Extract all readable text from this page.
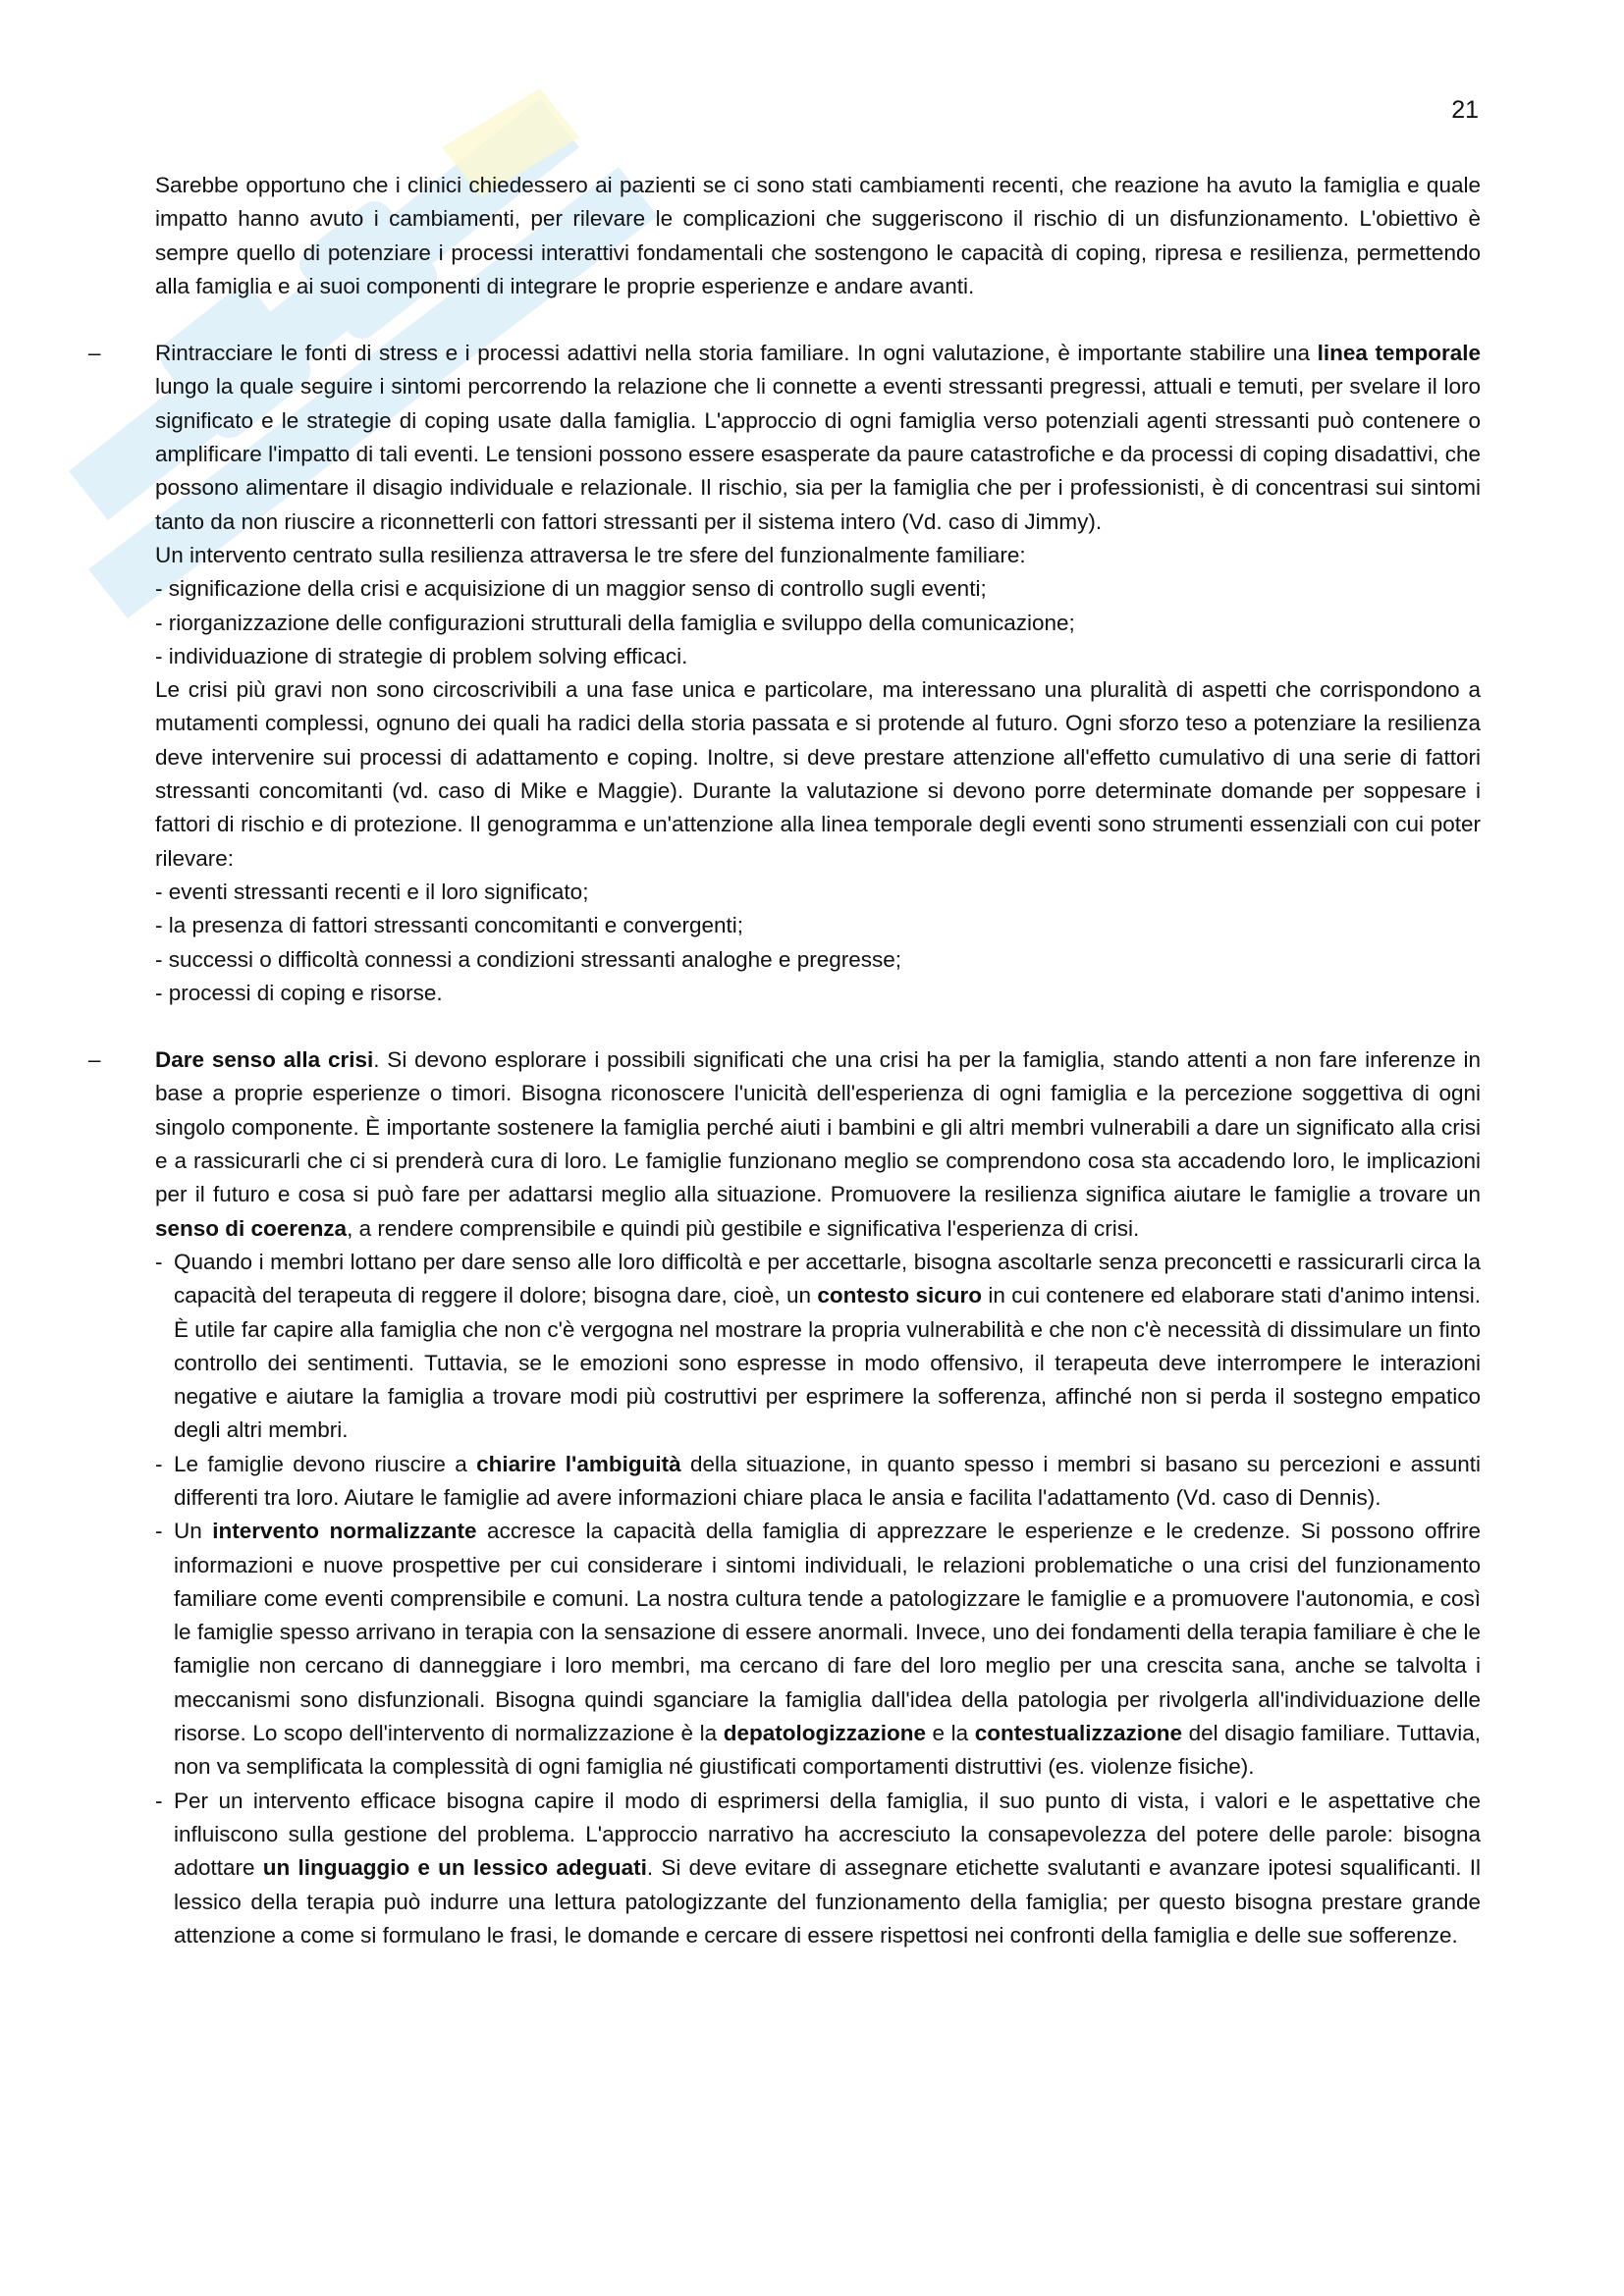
21

Sarebbe opportuno che i clinici chiedessero ai pazienti se ci sono stati cambiamenti recenti, che reazione ha avuto la famiglia e quale impatto hanno avuto i cambiamenti, per rilevare le complicazioni che suggeriscono il rischio di un disfunzionamento. L'obiettivo è sempre quello di potenziare i processi interattivi fondamentali che sostengono le capacità di coping, ripresa e resilienza, permettendo alla famiglia e ai suoi componenti di integrare le proprie esperienze e andare avanti.

– Rintracciare le fonti di stress e i processi adattivi nella storia familiare. In ogni valutazione, è importante stabilire una linea temporale lungo la quale seguire i sintomi percorrendo la relazione che li connette a eventi stressanti pregressi, attuali e temuti, per svelare il loro significato e le strategie di coping usate dalla famiglia. L'approccio di ogni famiglia verso potenziali agenti stressanti può contenere o amplificare l'impatto di tali eventi. Le tensioni possono essere esasperate da paure catastrofiche e da processi di coping disadattivi, che possono alimentare il disagio individuale e relazionale. Il rischio, sia per la famiglia che per i professionisti, è di concentrasi sui sintomi tanto da non riuscire a riconnetterli con fattori stressanti per il sistema intero (Vd. caso di Jimmy).

Un intervento centrato sulla resilienza attraversa le tre sfere del funzionalmente familiare:

- significazione della crisi e acquisizione di un maggior senso di controllo sugli eventi;

- riorganizzazione delle configurazioni strutturali della famiglia e sviluppo della comunicazione;

- individuazione di strategie di problem solving efficaci.

Le crisi più gravi non sono circoscrivibili a una fase unica e particolare, ma interessano una pluralità di aspetti che corrispondono a mutamenti complessi, ognuno dei quali ha radici della storia passata e si protende al futuro. Ogni sforzo teso a potenziare la resilienza deve intervenire sui processi di adattamento e coping. Inoltre, si deve prestare attenzione all'effetto cumulativo di una serie di fattori stressanti concomitanti (vd. caso di Mike e Maggie). Durante la valutazione si devono porre determinate domande per soppesare i fattori di rischio e di protezione. Il genogramma e un'attenzione alla linea temporale degli eventi sono strumenti essenziali con cui poter rilevare:

- eventi stressanti recenti e il loro significato;

- la presenza di fattori stressanti concomitanti e convergenti;

- successi o difficoltà connessi a condizioni stressanti analoghe e pregresse;

- processi di coping e risorse.

– Dare senso alla crisi. Si devono esplorare i possibili significati che una crisi ha per la famiglia, stando attenti a non fare inferenze in base a proprie esperienze o timori. Bisogna riconoscere l'unicità dell'esperienza di ogni famiglia e la percezione soggettiva di ogni singolo componente. È importante sostenere la famiglia perché aiuti i bambini e gli altri membri vulnerabili a dare un significato alla crisi e a rassicurarli che ci si prenderà cura di loro. Le famiglie funzionano meglio se comprendono cosa sta accadendo loro, le implicazioni per il futuro e cosa si può fare per adattarsi meglio alla situazione. Promuovere la resilienza significa aiutare le famiglie a trovare un senso di coerenza, a rendere comprensibile e quindi più gestibile e significativa l'esperienza di crisi.

- Quando i membri lottano per dare senso alle loro difficoltà e per accettarle, bisogna ascoltarle senza preconcetti e rassicurarli circa la capacità del terapeuta di reggere il dolore; bisogna dare, cioè, un contesto sicuro in cui contenere ed elaborare stati d'animo intensi. È utile far capire alla famiglia che non c'è vergogna nel mostrare la propria vulnerabilità e che non c'è necessità di dissimulare un finto controllo dei sentimenti. Tuttavia, se le emozioni sono espresse in modo offensivo, il terapeuta deve interrompere le interazioni negative e aiutare la famiglia a trovare modi più costruttivi per esprimere la sofferenza, affinché non si perda il sostegno empatico degli altri membri.
- Le famiglie devono riuscire a chiarire l'ambiguità della situazione, in quanto spesso i membri si basano su percezioni e assunti differenti tra loro. Aiutare le famiglie ad avere informazioni chiare placa le ansia e facilita l'adattamento (Vd. caso di Dennis).
- Un intervento normalizzante accresce la capacità della famiglia di apprezzare le esperienze e le credenze. Si possono offrire informazioni e nuove prospettive per cui considerare i sintomi individuali, le relazioni problematiche o una crisi del funzionamento familiare come eventi comprensibile e comuni. La nostra cultura tende a patologizzare le famiglie e a promuovere l'autonomia, e così le famiglie spesso arrivano in terapia con la sensazione di essere anormali. Invece, uno dei fondamenti della terapia familiare è che le famiglie non cercano di danneggiare i loro membri, ma cercano di fare del loro meglio per una crescita sana, anche se talvolta i meccanismi sono disfunzionali. Bisogna quindi sganciare la famiglia dall'idea della patologia per rivolgerla all'individuazione delle risorse. Lo scopo dell'intervento di normalizzazione è la depatologizzazione e la contestualizzazione del disagio familiare. Tuttavia, non va semplificata la complessità di ogni famiglia né giustificati comportamenti distruttivi (es. violenze fisiche).
- Per un intervento efficace bisogna capire il modo di esprimersi della famiglia, il suo punto di vista, i valori e le aspettative che influiscono sulla gestione del problema. L'approccio narrativo ha accresciuto la consapevolezza del potere delle parole: bisogna adottare un linguaggio e un lessico adeguati. Si deve evitare di assegnare etichette svalutanti e avanzare ipotesi squalificanti. Il lessico della terapia può indurre una lettura patologizzante del funzionamento della famiglia; per questo bisogna prestare grande attenzione a come si formulano le frasi, le domande e cercare di essere rispettosi nei confronti della famiglia e delle sue sofferenze.
